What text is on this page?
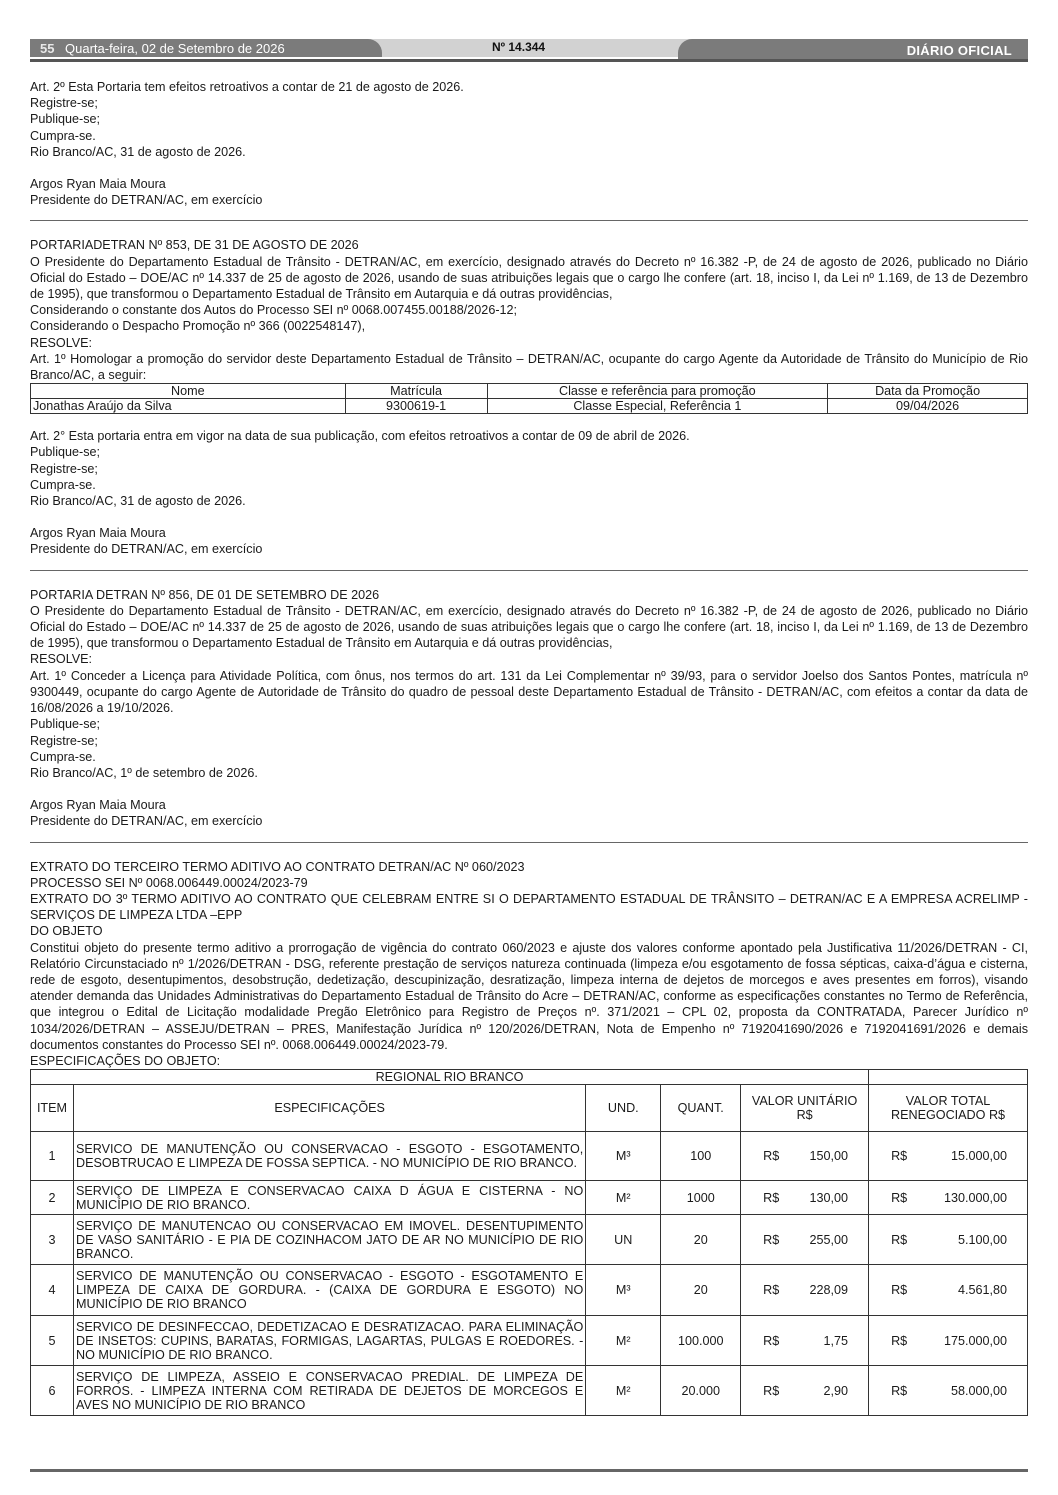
55 Quarta-feira, 02 de Setembro de 2026	Nº 14.344	DIÁRIO OFICIAL

Art. 2º Esta Portaria tem efeitos retroativos a contar de 21 de agosto de 2026.

Registre-se;

Publique-se;

Cumpra-se.

Rio Branco/AC, 31 de agosto de 2026.

Argos Ryan Maia Moura

Presidente do DETRAN/AC, em exercício

PORTARIADETRAN Nº 853, DE 31 DE AGOSTO DE 2026

O Presidente do Departamento Estadual de Trânsito - DETRAN/AC, em exercício, designado através do Decreto nº 16.382 -P, de 24 de agosto de 2026, publicado no Diário Oficial do Estado – DOE/AC nº 14.337 de 25 de agosto de 2026, usando de suas atribuições legais que o cargo lhe confere (art. 18, inciso I, da Lei nº 1.169, de 13 de Dezembro de 1995), que transformou o Departamento Estadual de Trânsito em Autarquia e dá outras providências,

Considerando o constante dos Autos do Processo SEI nº 0068.007455.00188/2026-12;

Considerando o Despacho Promoção nº 366 (0022548147),

RESOLVE:

Art. 1º Homologar a promoção do servidor deste Departamento Estadual de Trânsito – DETRAN/AC, ocupante do cargo Agente da Autoridade de Trânsito do Município de Rio Branco/AC, a seguir:

Nome	Matrícula	Classe e referência para promoção	Data da Promoção
Jonathas Araújo da Silva	9300619-1	Classe Especial, Referência 1	09/04/2026

Art. 2° Esta portaria entra em vigor na data de sua publicação, com efeitos retroativos a contar de 09 de abril de 2026.

Publique-se;

Registre-se;

Cumpra-se.

Rio Branco/AC, 31 de agosto de 2026.

Argos Ryan Maia Moura

Presidente do DETRAN/AC, em exercício

PORTARIA DETRAN Nº 856, DE 01 DE SETEMBRO DE 2026

O Presidente do Departamento Estadual de Trânsito - DETRAN/AC, em exercício, designado através do Decreto nº 16.382 -P, de 24 de agosto de 2026, publicado no Diário Oficial do Estado – DOE/AC nº 14.337 de 25 de agosto de 2026, usando de suas atribuições legais que o cargo lhe confere (art. 18, inciso I, da Lei nº 1.169, de 13 de Dezembro de 1995), que transformou o Departamento Estadual de Trânsito em Autarquia e dá outras providências,

RESOLVE:

Art. 1º Conceder a Licença para Atividade Política, com ônus, nos termos do art. 131 da Lei Complementar nº 39/93, para o servidor Joelso dos Santos Pontes, matrícula nº 9300449, ocupante do cargo Agente de Autoridade de Trânsito do quadro de pessoal deste Departamento Estadual de Trânsito - DETRAN/AC, com efeitos a contar da data de 16/08/2026 a 19/10/2026.

Publique-se;

Registre-se;

Cumpra-se.

Rio Branco/AC, 1º de setembro de 2026.

Argos Ryan Maia Moura

Presidente do DETRAN/AC, em exercício

EXTRATO DO TERCEIRO TERMO ADITIVO AO CONTRATO DETRAN/AC Nº 060/2023

PROCESSO SEI Nº 0068.006449.00024/2023-79

EXTRATO DO 3º TERMO ADITIVO AO CONTRATO QUE CELEBRAM ENTRE SI O DEPARTAMENTO ESTADUAL DE TRÂNSITO – DETRAN/AC E A EMPRESA ACRELIMP - SERVIÇOS DE LIMPEZA LTDA –EPP

DO OBJETO

Constitui objeto do presente termo aditivo a prorrogação de vigência do contrato 060/2023 e ajuste dos valores conforme apontado pela Justificativa 11/2026/DETRAN - CI, Relatório Circunstaciado nº 1/2026/DETRAN - DSG, referente prestação de serviços natureza continuada (limpeza e/ou esgotamento de fossa sépticas, caixa-d’água e cisterna, rede de esgoto, desentupimentos, desobstrução, dedetização, descupinização, desratização, limpeza interna de dejetos de morcegos e aves presentes em forros), visando atender demanda das Unidades Administrativas do Departamento Estadual de Trânsito do Acre – DETRAN/AC, conforme as especificações constantes no Termo de Referência, que integrou o Edital de Licitação modalidade Pregão Eletrônico para Registro de Preços nº. 371/2021 – CPL 02, proposta da CONTRATADA, Parecer Jurídico nº 1034/2026/DETRAN – ASSEJU/DETRAN – PRES, Manifestação Jurídica nº 120/2026/DETRAN, Nota de Empenho nº 7192041690/2026 e 7192041691/2026 e demais documentos constantes do Processo SEI nº. 0068.006449.00024/2023-79.

ESPECIFICAÇÕES DO OBJETO:

REGIONAL RIO BRANCO					
ITEM	ESPECIFICAÇÕES	UND.	QUANT.	VALOR UNITÁRIO R$	VALOR TOTAL RENEGOCIADO R$
1	SERVICO DE MANUTENÇÃO OU CONSERVACAO - ESGOTO - ESGOTAMENTO, DESOBTRUCAO E LIMPEZA DE FOSSA SEPTICA. - NO MUNICÍPIO DE RIO BRANCO.	M³	100	R$ 150,00	R$ 15.000,00

2	SERVIÇO DE LIMPEZA E CONSERVACAO CAIXA D ÁGUA E CISTERNA - NO MUNICÍPIO DE RIO BRANCO.	M²	1000	R$ 130,00	R$ 130.000,00

3	SERVIÇO DE MANUTENCAO OU CONSERVACAO EM IMOVEL. DESENTUPIMENTO DE VASO SANITÁRIO - E PIA DE COZINHACOM JATO DE AR NO MUNICÍPIO DE RIO BRANCO.	UN	20	R$ 255,00	R$ 5.100,00

4	SERVICO DE MANUTENÇÃO OU CONSERVACAO - ESGOTO - ESGOTAMENTO E LIMPEZA DE CAIXA DE GORDURA. - (CAIXA DE GORDURA E ESGOTO) NO MUNICÍPIO DE RIO BRANCO	M³	20	R$ 228,09	R$ 4.561,80

5	SERVICO DE DESINFECCAO, DEDETIZACAO E DESRATIZACAO. PARA ELIMINAÇÃO DE INSETOS: CUPINS, BARATAS, FORMIGAS, LAGARTAS, PULGAS E ROEDORES. - NO MUNICÍPIO DE RIO BRANCO.	M²	100.000	R$ 1,75	R$ 175.000,00

6	SERVIÇO DE LIMPEZA, ASSEIO E CONSERVACAO PREDIAL. DE LIMPEZA DE FORROS. - LIMPEZA INTERNA COM RETIRADA DE DEJETOS DE MORCEGOS E AVES NO MUNICÍPIO DE RIO BRANCO	M²	20.000	R$ 2,90	R$ 58.000,00
